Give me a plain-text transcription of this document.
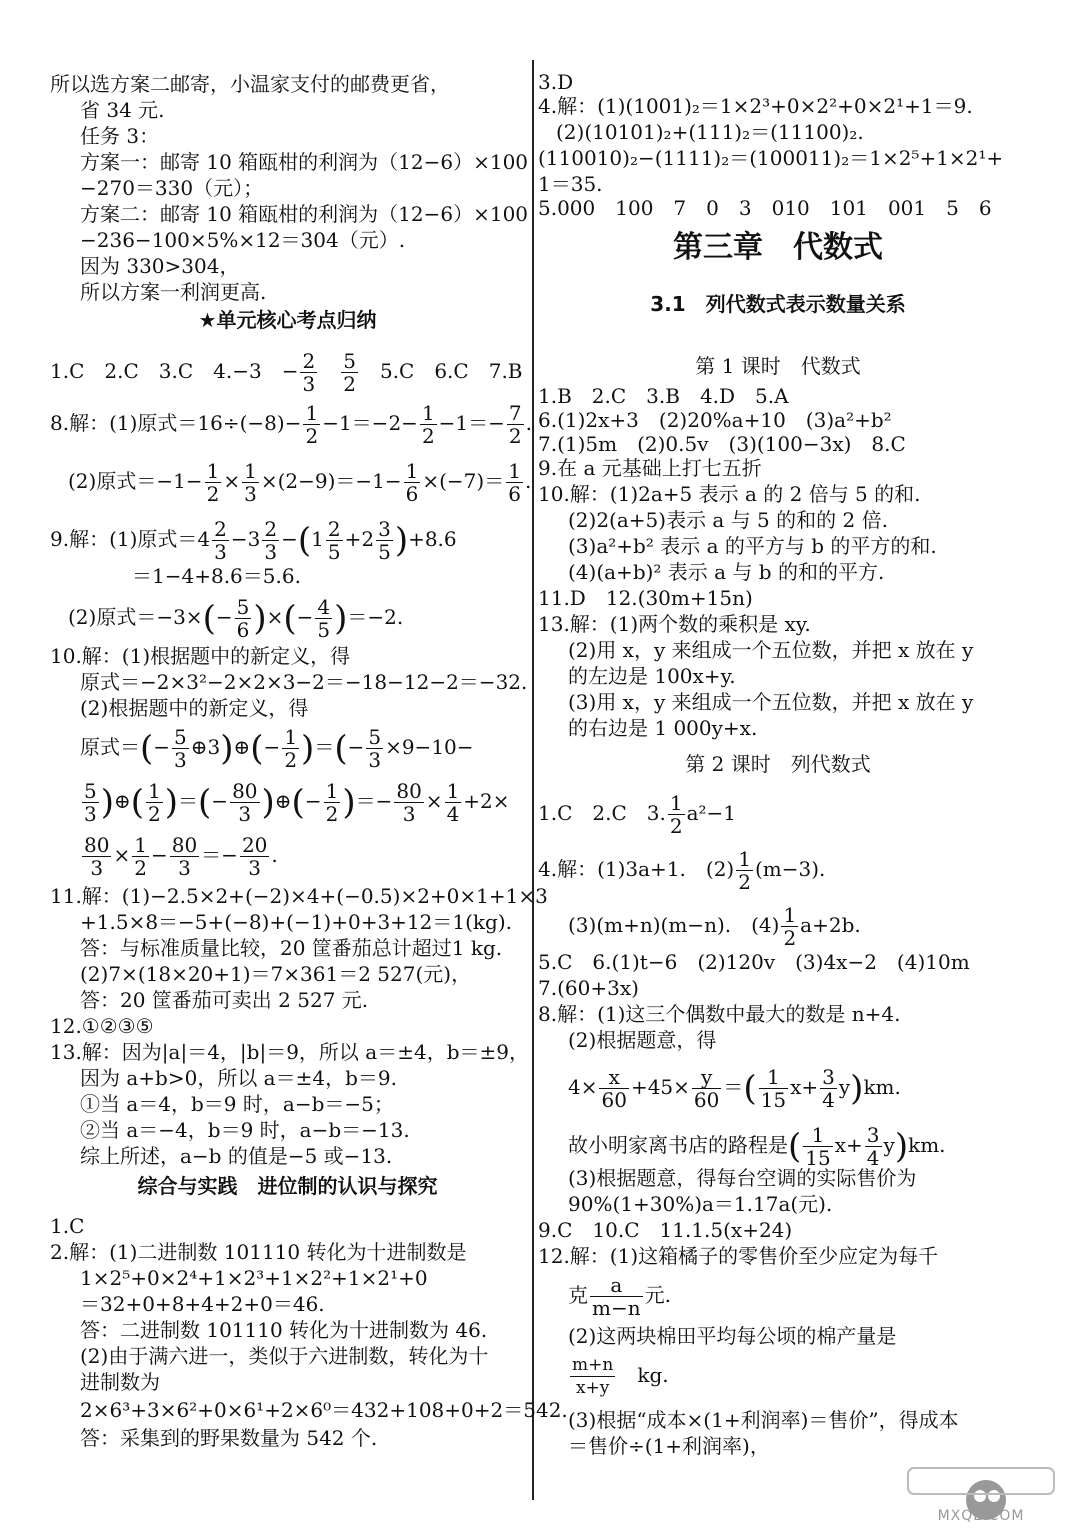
所以选方案二邮寄，小温家支付的邮费更省，
省 34 元.
任务 3：
方案一：邮寄 10 箱瓯柑的利润为（12−6）×100
−270＝330（元）；
方案二：邮寄 10 箱瓯柑的利润为（12−6）×100
−236−100×5%×12＝304（元）.
因为 330>304，
所以方案一利润更高.
★单元核心考点归纳
1.C　2.C　3.C　4.−3　− $\frac{2}{3}$
　 $\frac{5}{2}$
　 5.C　6.C　7.B
8.解：(1)原式$=16\div(-8)- \frac{1}{2} -1=-2- \frac{1}{2} -1=- \frac{7}{2}$ .
(2)原式$=-1- \frac{1}{2} \times \frac{1}{3} \times(2-9)=-1- \frac{1}{6} \times(-7)= \frac{1}{6}$ .
9.解：(1)原式$=4 \frac{2}{3} -3 \frac{2}{3} -(1 \frac{2}{5} +2 \frac{3}{5} )+8.6$
＝1−4+8.6＝5.6.
(2)原式$=-3\times(- \frac{5}{6}$ )×(− $\frac{4}{5} )=-2$.
10.解：(1)根据题中的新定义，得
原式＝−2×3²−2×2×3−2＝−18−12−2＝−32.
(2)根据题中的新定义，得
原式＝(− $\frac{5}{3}$ ⊕3)⊕(− $\frac{1}{2}$ )＝(− $\frac{5}{3} \times 9-10-$
$\frac{5}{3}$ )⊕( $\frac{1}{2}$ )＝(− $\frac{80}{3}$ )⊕(− $\frac{1}{2}$ )＝− $\frac{80}{3} \times \frac{1}{4} +2\times$
$\frac{80}{3} \times \frac{1}{2} - \frac{80}{3} =- \frac{20}{3}$ .
11.解：(1)−2.5×2+(−2)×4+(−0.5)×2+0×1+1×3
+1.5×8＝−5+(−8)+(−1)+0+3+12＝1(kg).
答：与标准质量比较，20 筐番茄总计超过1 kg.
(2)7×(18×20+1)＝7×361＝2 527(元)，
答：20 筐番茄可卖出 2 527 元.
12.①②③⑤
13.解：因为|a|＝4，|b|＝9，所以 a＝±4，b＝±9，
因为 a+b>0，所以 a＝±4，b＝9.
①当 a＝4，b＝9 时，a−b＝−5；
②当 a＝−4，b＝9 时，a−b＝−13.
综上所述，a−b 的值是−5 或−13.
综合与实践　进位制的认识与探究
1.C
2.解：(1)二进制数 101110 转化为十进制数是
1×2⁵+0×2⁴+1×2³+1×2²+1×2¹+0
＝32+0+8+4+2+0＝46.
答：二进制数 101110 转化为十进制数为 46.
(2)由于满六进一，类似于六进制数，转化为十
进制数为
2×6³+3×6²+0×6¹+2×6⁰＝432+108+0+2＝542.
答：采集到的野果数量为 542 个.
3.D
4.解：(1)(1001)₂＝1×2³+0×2²+0×2¹+1＝9.
(2)(10101)₂+(111)₂＝(11100)₂.
(110010)₂−(1111)₂＝(100011)₂＝1×2⁵+1×2¹+
1＝35.
5.000　100　7　0　3　010　101　001　5　6
第三章　代数式
3.1　列代数式表示数量关系
第 1 课时　代数式
1.B　2.C　3.B　4.D　5.A
6.(1)2x+3　(2)20%a+10　(3)a²+b²
7.(1)5m　(2)0.5v　(3)(100−3x)　8.C
9.在 a 元基础上打七五折
10.解：(1)2a+5 表示 a 的 2 倍与 5 的和.
(2)2(a+5)表示 a 与 5 的和的 2 倍.
(3)a²+b² 表示 a 的平方与 b 的平方的和.
(4)(a+b)² 表示 a 与 b 的和的平方.
11.D　12.(30m+15n)
13.解：(1)两个数的乘积是 xy.
(2)用 x，y 来组成一个五位数，并把 x 放在 y
的左边是 100x+y.
(3)用 x，y 来组成一个五位数，并把 x 放在 y
的右边是 1 000y+x.
第 2 课时　列代数式
1.C　2.C　3. $\frac{1}{2} a^2-1$
4.解：(1)3a+1.　$(2) \frac{1}{2} (m-3)$.
(3)(m+n)(m−n).　$(4) \frac{1}{2} a+2b$.
5.C　6.(1)t−6　(2)120v　(3)4x−2　(4)10m
7.(60+3x)
8.解：(1)这三个偶数中最大的数是 n+4.
(2)根据题意，得
$4\times \frac{x}{60} +45\times \frac{y}{60}$ ＝( $\frac{1}{15} x+ \frac{3}{4} y)km$.
故小明家离书店的路程是( $\frac{1}{15} x+ \frac{3}{4} y)km$.
(3)根据题意，得每台空调的实际售价为
90%(1+30%)a＝1.17a(元).
9.C　10.C　11.1.5(x+24)
12.解：(1)这箱橘子的零售价至少应定为每千
克 $\frac{a}{m-n}$ 元.
(2)这两块棉田平均每公顷的棉产量是
$\frac{m+n}{x+y}$
　 kg.
(3)根据“成本×(1+利润率)＝售价”，得成本
＝售价÷(1+利润率)，
MXQE.COM
